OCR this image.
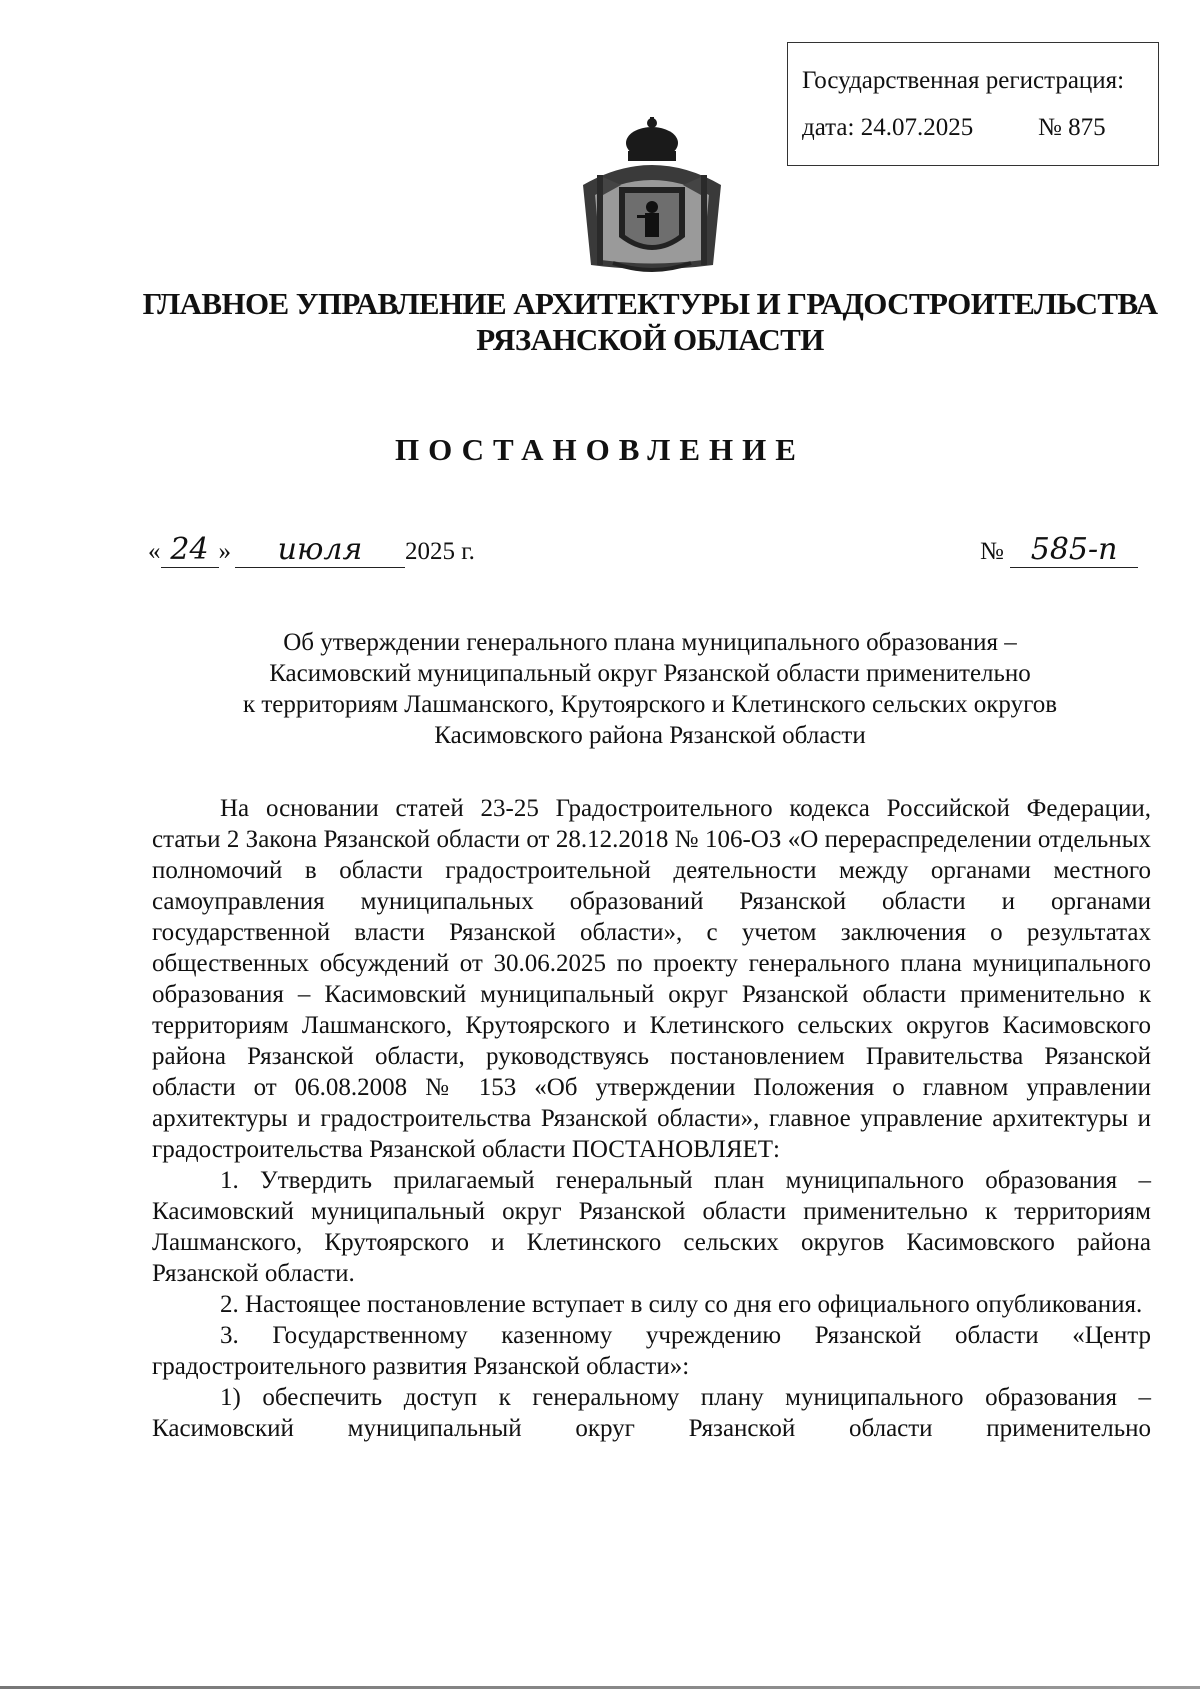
Государственная регистрация:
дата: 24.07.2025	№ 875
ГЛАВНОЕ УПРАВЛЕНИЕ АРХИТЕКТУРЫ И ГРАДОСТРОИТЕЛЬСТВА
РЯЗАНСКОЙ ОБЛАСТИ
ПОСТАНОВЛЕНИЕ
« 24 » июля 2025 г.	№ 585-п
Об утверждении генерального плана муниципального образования –
Касимовский муниципальный округ Рязанской области применительно
к территориям Лашманского, Крутоярского и Клетинского сельских округов
Касимовского района Рязанской области

На основании статей 23-25 Градостроительного кодекса Российской Федерации, статьи 2 Закона Рязанской области от 28.12.2018 № 106-ОЗ «О перераспределении отдельных полномочий в области градостроительной деятельности между органами местного самоуправления муниципальных образований Рязанской области и органами государственной власти Рязанской области», с учетом заключения о результатах общественных обсуждений от 30.06.2025 по проекту генерального плана муниципального образования – Касимовский муниципальный округ Рязанской области применительно к территориям Лашманского, Крутоярского и Клетинского сельских округов Касимовского района Рязанской области, руководствуясь постановлением Правительства Рязанской области от 06.08.2008 № 153 «Об утверждении Положения о главном управлении архитектуры и градостроительства Рязанской области», главное управление архитектуры и градостроительства Рязанской области ПОСТАНОВЛЯЕТ:

1. Утвердить прилагаемый генеральный план муниципального образования – Касимовский муниципальный округ Рязанской области применительно к территориям Лашманского, Крутоярского и Клетинского сельских округов Касимовского района Рязанской области.

2. Настоящее постановление вступает в силу со дня его официального опубликования.

3. Государственному казенному учреждению Рязанской области «Центр градостроительного развития Рязанской области»:

1) обеспечить доступ к генеральному плану муниципального образования – Касимовский муниципальный округ Рязанской области применительно
